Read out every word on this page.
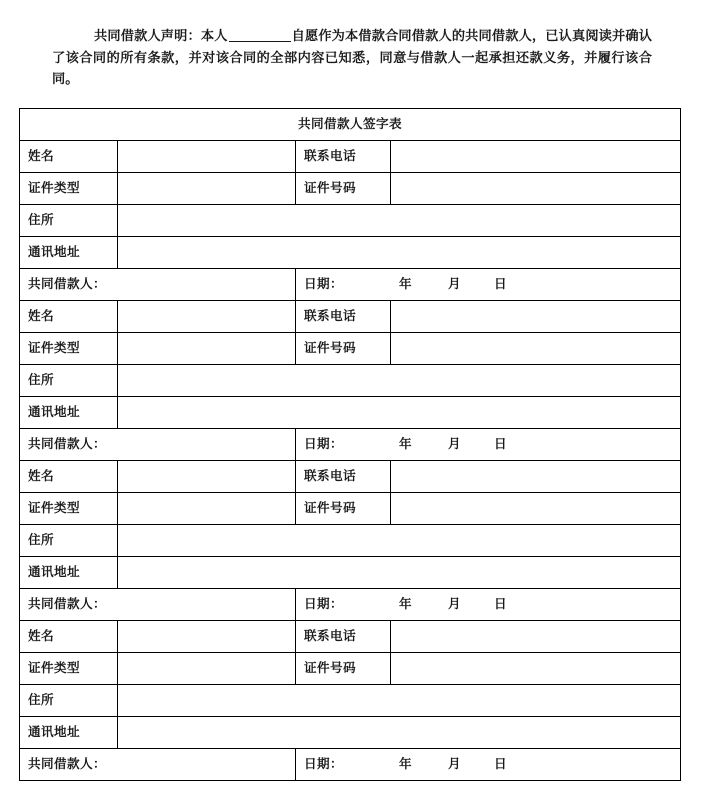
共同借款人声明：本人	自愿作为本借款合同借款人的共同借款人，已认真阅读并确认了该合同的所有条款，并对该合同的全部内容已知悉，同意与借款人一起承担还款义务，并履行该合同。

共同借款人签字表			
姓名		联系电话	
证件类型		证件号码	
住所			
通讯地址			
共同借款人：		日期： 年 月 日	
姓名		联系电话	
证件类型		证件号码	
住所			
通讯地址			
共同借款人：		日期： 年 月 日	
姓名		联系电话	
证件类型		证件号码	
住所			
通讯地址			
共同借款人：		日期： 年 月 日	
姓名		联系电话	
证件类型		证件号码	
住所			
通讯地址			
共同借款人：		日期： 年 月 日	
